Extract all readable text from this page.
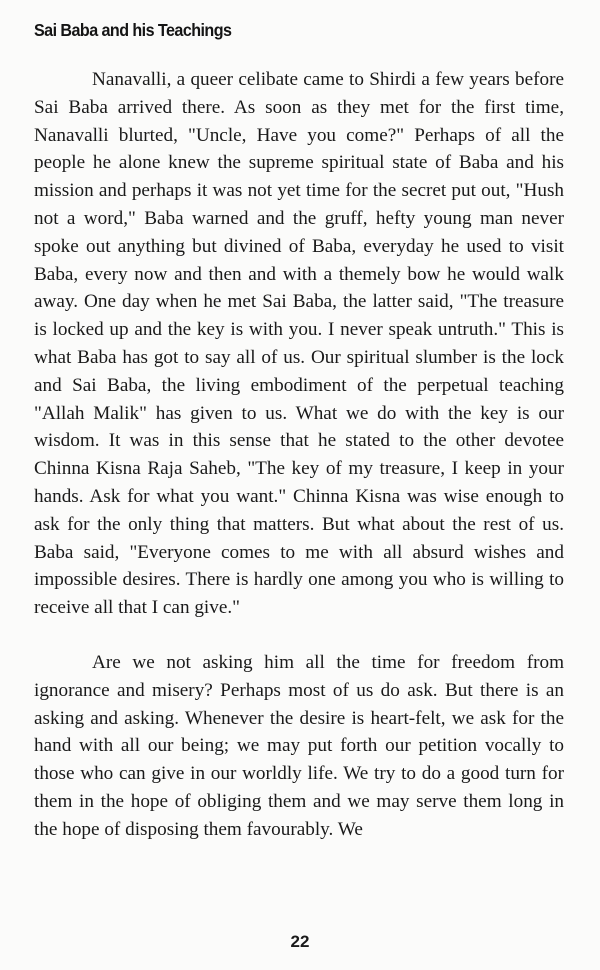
Sai Baba and his Teachings

Nanavalli, a queer celibate came to Shirdi a few years before Sai Baba arrived there. As soon as they met for the first time, Nanavalli blurted, "Uncle, Have you come?" Perhaps of all the people he alone knew the supreme spiritual state of Baba and his mission and perhaps it was not yet time for the secret put out, "Hush not a word," Baba warned and the gruff, hefty young man never spoke out anything but divined of Baba, everyday he used to visit Baba, every now and then and with a themely bow he would walk away. One day when he met Sai Baba, the latter said, "The treasure is locked up and the key is with you. I never speak untruth." This is what Baba has got to say all of us. Our spiritual slumber is the lock and Sai Baba, the living embodiment of the perpetual teaching "Allah Malik" has given to us. What we do with the key is our wisdom. It was in this sense that he stated to the other devotee Chinna Kisna Raja Saheb, "The key of my treasure, I keep in your hands. Ask for what you want." Chinna Kisna was wise enough to ask for the only thing that matters. But what about the rest of us. Baba said, "Everyone comes to me with all absurd wishes and impossible desires. There is hardly one among you who is willing to receive all that I can give."

Are we not asking him all the time for freedom from ignorance and misery? Perhaps most of us do ask. But there is an asking and asking. Whenever the desire is heart-felt, we ask for the hand with all our being; we may put forth our petition vocally to those who can give in our worldly life. We try to do a good turn for them in the hope of obliging them and we may serve them long in the hope of disposing them favourably. We

22
